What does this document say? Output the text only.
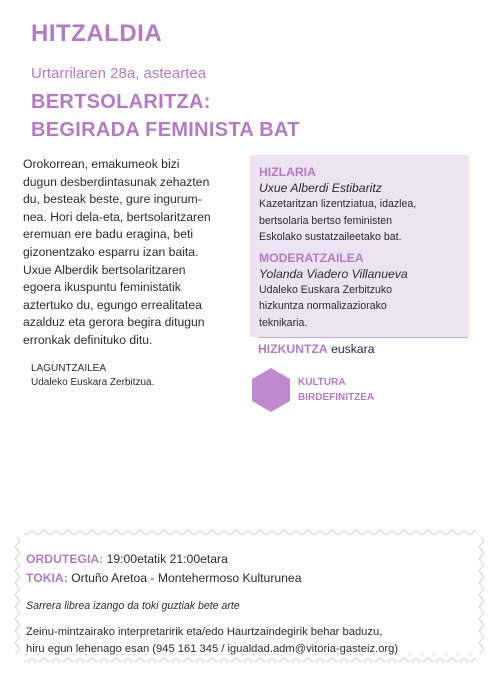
HITZALDIA
Urtarrilaren 28a, asteartea
BERTSOLARITZA:
BEGIRADA FEMINISTA BAT
Orokorrean, emakumeok bizi
dugun desberdintasunak zehazten
du, besteak beste, gure ingurum-
nea. Hori dela-eta, bertsolaritzaren
eremuan ere badu eragina, beti
gizonentzako esparru izan baita.
Uxue Alberdik bertsolaritzaren
egoera ikuspuntu feministatik
aztertuko du, egungo errealitatea
azalduz eta gerora begira ditugun
erronkak definituko ditu.
LAGUNTZAILEA
Udaleko Euskara Zerbitzua.
HIZLARIA
Uxue Alberdi Estibaritz
Kazetaritzan lizentziatua, idazlea,
bertsolaria bertso feministen
Eskolako sustatzaileetako bat.
MODERATZAILEA
Yolanda Viadero Villanueva
Udaleko Euskara Zerbitzuko
hizkuntza normalizaziorako
teknikaria.
HIZKUNTZA euskara
KULTURA
BIRDEFINITZEA
ORDUTEGIA: 19:00etatik 21:00etara
TOKIA: Ortuño Aretoa - Montehermoso Kulturunea
Sarrera librea izango da toki guztiak bete arte
Zeinu-mintzairako interpretaririk eta/edo Haurtzaindegirik behar baduzu,
hiru egun lehenago esan (945 161 345 / igualdad.adm@vitoria-gasteiz.org)
